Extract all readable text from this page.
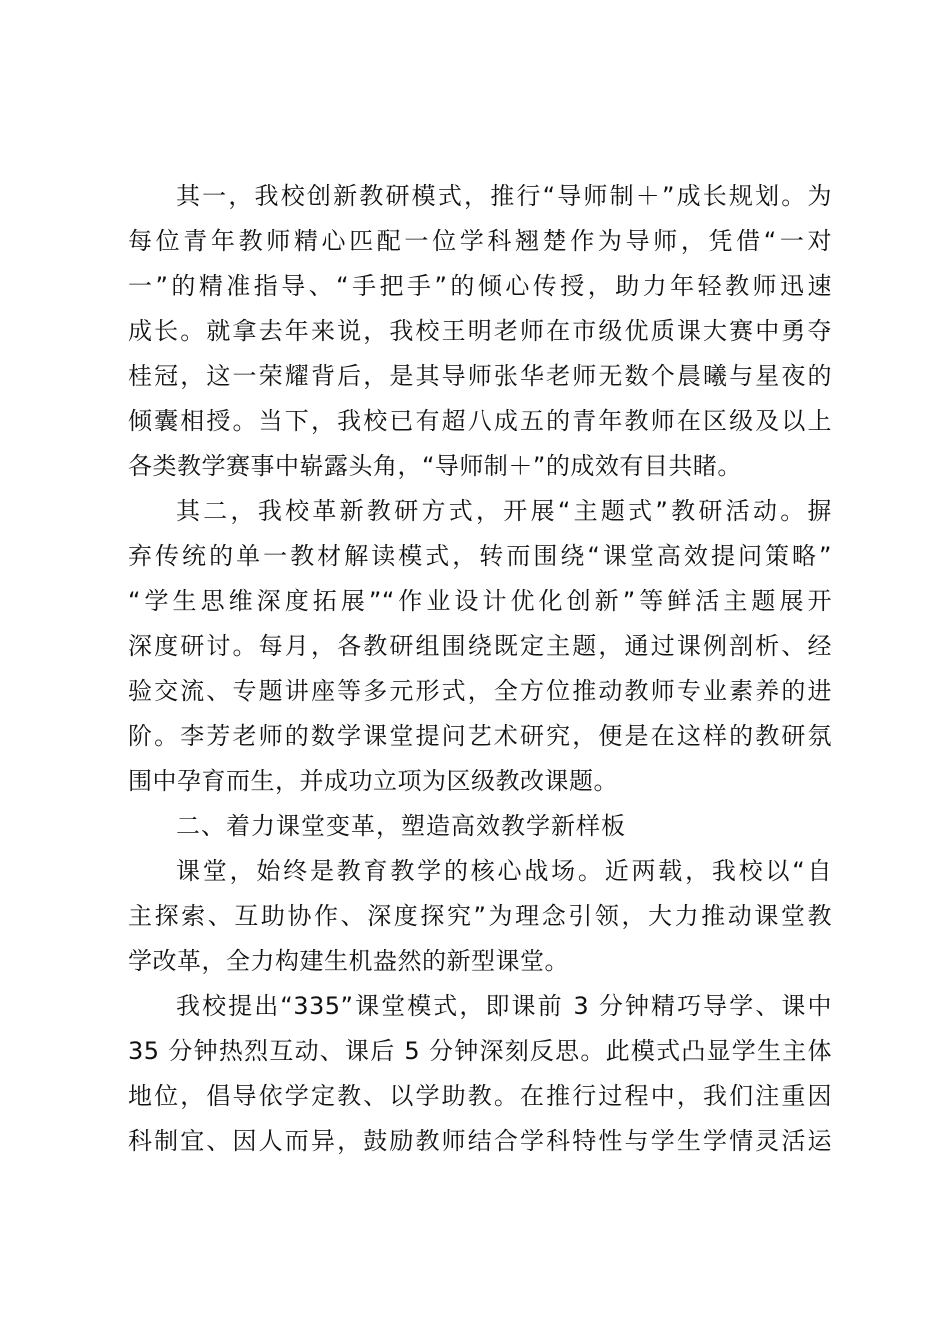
其一，我校创新教研模式，推行“导师制＋”成长规划。为
每位青年教师精心匹配一位学科翘楚作为导师，凭借“一对
一”的精准指导、“手把手”的倾心传授，助力年轻教师迅速
成长。就拿去年来说，我校王明老师在市级优质课大赛中勇夺
桂冠，这一荣耀背后，是其导师张华老师无数个晨曦与星夜的
倾囊相授。当下，我校已有超八成五的青年教师在区级及以上
各类教学赛事中崭露头角，“导师制＋”的成效有目共睹。
其二，我校革新教研方式，开展“主题式”教研活动。摒
弃传统的单一教材解读模式，转而围绕“课堂高效提问策略”
“学生思维深度拓展”“作业设计优化创新”等鲜活主题展开
深度研讨。每月，各教研组围绕既定主题，通过课例剖析、经
验交流、专题讲座等多元形式，全方位推动教师专业素养的进
阶。李芳老师的数学课堂提问艺术研究，便是在这样的教研氛
围中孕育而生，并成功立项为区级教改课题。
二、着力课堂变革，塑造高效教学新样板
课堂，始终是教育教学的核心战场。近两载，我校以“自
主探索、互助协作、深度探究”为理念引领，大力推动课堂教
学改革，全力构建生机盎然的新型课堂。
我校提出“335”课堂模式，即课前 3 分钟精巧导学、课中
35 分钟热烈互动、课后 5 分钟深刻反思。此模式凸显学生主体
地位，倡导依学定教、以学助教。在推行过程中，我们注重因
科制宜、因人而异，鼓励教师结合学科特性与学生学情灵活运
